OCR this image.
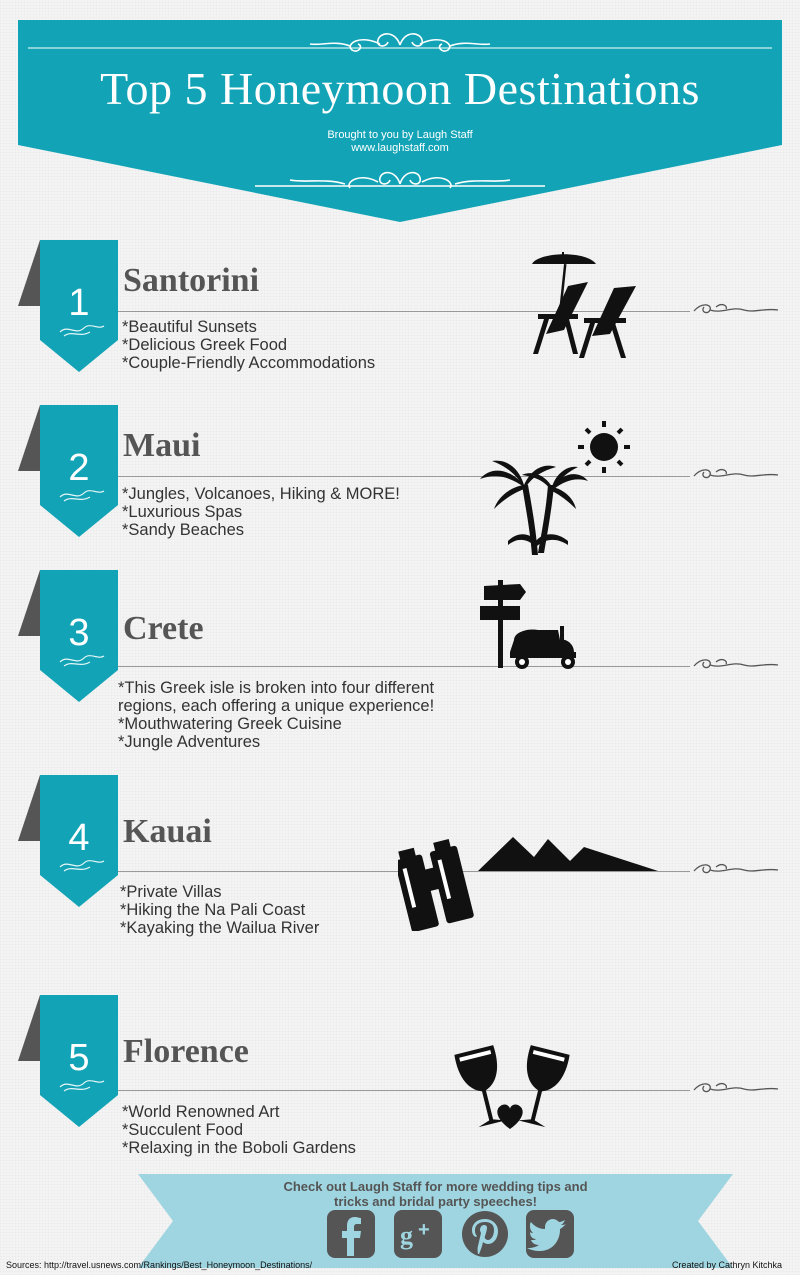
Top 5 Honeymoon Destinations
Brought to you by Laugh Staff
www.laughstaff.com
1
Santorini
*Beautiful Sunsets
*Delicious Greek Food
*Couple-Friendly Accommodations
2
Maui
*Jungles, Volcanoes, Hiking & MORE!
*Luxurious Spas
*Sandy Beaches
3 Crete
*This Greek isle is broken into four different
regions, each offering a unique experience!
*Mouthwatering Greek Cuisine
*Jungle Adventures
4 Kauai
*Private Villas
*Hiking the Na Pali Coast
*Kayaking the Wailua River
5 Florence
*World Renowned Art
*Succulent Food
*Relaxing in the Boboli Gardens
Check out Laugh Staff for more wedding tips and
tricks and bridal party speeches!
g +
Sources: http://travel.usnews.com/Rankings/Best_Honeymoon_Destinations/	Created by Cathryn Kitchka
